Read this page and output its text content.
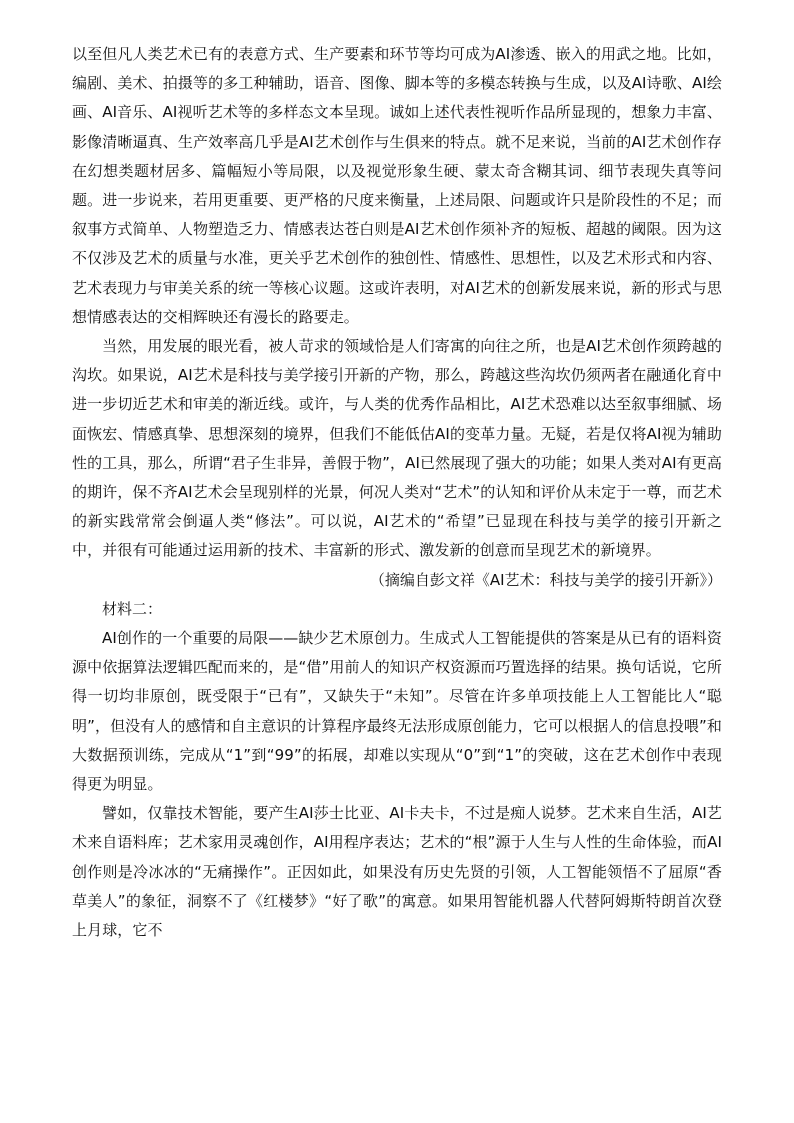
以至但凡人类艺术已有的表意方式、生产要素和环节等均可成为AI渗透、嵌入的用武之地。比如，编剧、美术、拍摄等的多工种辅助，语音、图像、脚本等的多模态转换与生成，以及AI诗歌、AI绘画、AI音乐、AI视听艺术等的多样态文本呈现。诚如上述代表性视听作品所显现的，想象力丰富、影像清晰逼真、生产效率高几乎是AI艺术创作与生俱来的特点。就不足来说，当前的AI艺术创作存在幻想类题材居多、篇幅短小等局限，以及视觉形象生硬、蒙太奇含糊其词、细节表现失真等问题。进一步说来，若用更重要、更严格的尺度来衡量，上述局限、问题或许只是阶段性的不足；而叙事方式简单、人物塑造乏力、情感表达苍白则是AI艺术创作须补齐的短板、超越的阈限。因为这不仅涉及艺术的质量与水准，更关乎艺术创作的独创性、情感性、思想性，以及艺术形式和内容、艺术表现力与审美关系的统一等核心议题。这或许表明，对AI艺术的创新发展来说，新的形式与思想情感表达的交相辉映还有漫长的路要走。

当然，用发展的眼光看，被人苛求的领域恰是人们寄寓的向往之所，也是AI艺术创作须跨越的沟坎。如果说，AI艺术是科技与美学接引开新的产物，那么，跨越这些沟坎仍须两者在融通化育中进一步切近艺术和审美的渐近线。或许，与人类的优秀作品相比，AI艺术恐难以达至叙事细腻、场面恢宏、情感真挚、思想深刻的境界，但我们不能低估AI的变革力量。无疑，若是仅将AI视为辅助性的工具，那么，所谓“君子生非异，善假于物”，AI已然展现了强大的功能；如果人类对AI有更高的期许，保不齐AI艺术会呈现别样的光景，何况人类对“艺术”的认知和评价从未定于一尊，而艺术的新实践常常会倒逼人类“修法”。可以说，AI艺术的“希望”已显现在科技与美学的接引开新之中，并很有可能通过运用新的技术、丰富新的形式、激发新的创意而呈现艺术的新境界。

（摘编自彭文祥《AI艺术：科技与美学的接引开新》）

材料二：

AI创作的一个重要的局限——缺少艺术原创力。生成式人工智能提供的答案是从已有的语料资源中依据算法逻辑匹配而来的，是“借”用前人的知识产权资源而巧置选择的结果。换句话说，它所得一切均非原创，既受限于“已有”，又缺失于“未知”。尽管在许多单项技能上人工智能比人“聪明”，但没有人的感情和自主意识的计算程序最终无法形成原创能力，它可以根据人的信息投喂”和大数据预训练，完成从“1”到“99”的拓展，却难以实现从“0”到“1”的突破，这在艺术创作中表现得更为明显。

譬如，仅靠技术智能，要产生AI莎士比亚、AI卡夫卡，不过是痴人说梦。艺术来自生活，AI艺术来自语料库；艺术家用灵魂创作，AI用程序表达；艺术的“根”源于人生与人性的生命体验，而AI创作则是冷冰冰的“无痛操作”。正因如此，如果没有历史先贤的引领，人工智能领悟不了屈原“香草美人”的象征，洞察不了《红楼梦》“好了歌”的寓意。如果用智能机器人代替阿姆斯特朗首次登上月球，它不
